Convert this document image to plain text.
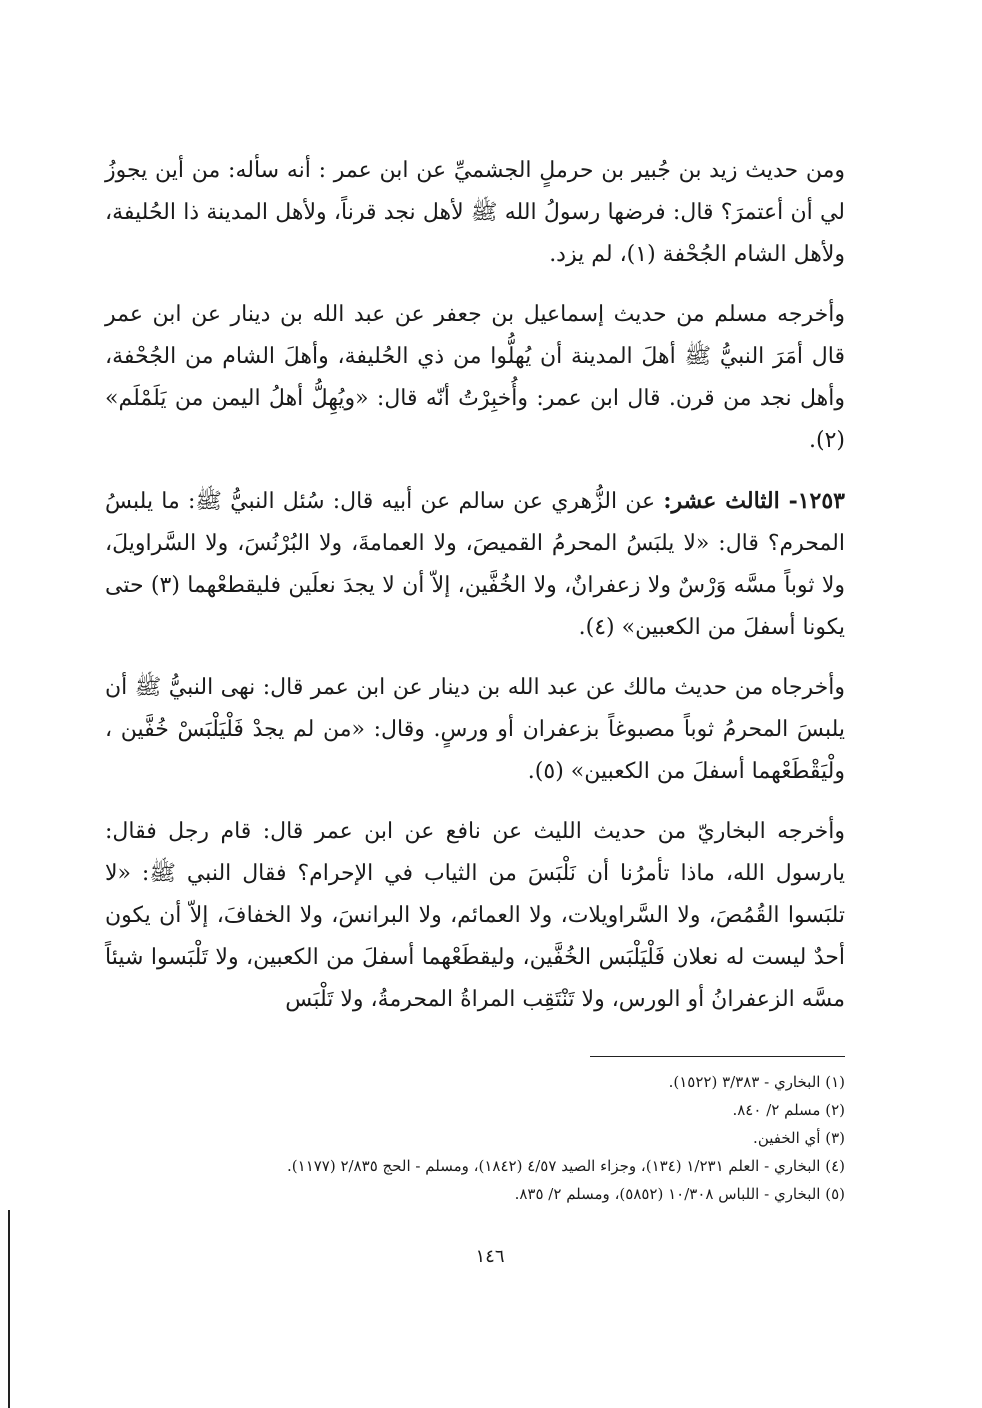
ومن حديث زيد بن جُبير بن حرملٍ الجشميِّ عن ابن عمر : أنه سأله: من أين يجوزُ لي أن أعتمرَ؟ قال: فرضها رسولُ الله ﷺ لأهل نجد قرناً، ولأهل المدينة ذا الحُليفة، ولأهل الشام الجُحْفة (١)، لم يزد.

وأخرجه مسلم من حديث إسماعيل بن جعفر عن عبد الله بن دينار عن ابن عمر قال أمَرَ النبيُّ ﷺ أهلَ المدينة أن يُهلُّوا من ذي الحُليفة، وأهلَ الشام من الجُحْفة، وأهل نجد من قرن. قال ابن عمر: وأُخبِرْتُ أنّه قال: «ويُهِلُّ أهلُ اليمن من يَلَمْلَم» (٢).

١٢٥٣- الثالث عشر: عن الزُّهري عن سالم عن أبيه قال: سُئل النبيُّ ﷺ: ما يلبسُ المحرم؟ قال: «لا يلبَسُ المحرمُ القميصَ، ولا العمامةَ، ولا البُرْنُسَ، ولا السَّراويلَ، ولا ثوباً مسَّه وَرْسٌ ولا زعفرانٌ، ولا الخُفَّين، إلاّ أن لا يجدَ نعلَين فليقطعْهما (٣) حتى يكونا أسفلَ من الكعبين» (٤).

وأخرجاه من حديث مالك عن عبد الله بن دينار عن ابن عمر قال: نهى النبيُّ ﷺ أن يلبسَ المحرمُ ثوباً مصبوغاً بزعفران أو ورسٍ. وقال: «من لم يجدْ فَلْيَلْبَسْ خُفَّين ، ولْيَقْطَعْهما أسفلَ من الكعبين» (٥).

وأخرجه البخاريّ من حديث الليث عن نافع عن ابن عمر قال: قام رجل فقال: يارسول الله، ماذا تأمرُنا أن نَلْبَسَ من الثياب في الإحرام؟ فقال النبي ﷺ: «لا تلبَسوا القُمُصَ، ولا السَّراويلات، ولا العمائم، ولا البرانسَ، ولا الخفافَ، إلاّ أن يكون أحدٌ ليست له نعلان فَلْيَلْبَس الخُفَّين، وليقطَعْهما أسفلَ من الكعبين، ولا تَلْبَسوا شيئاً مسَّه الزعفرانُ أو الورس، ولا تَنْتَقِب المراةُ المحرمةُ، ولا تَلْبَس

(١) البخاري - ٣/٣٨٣ (١٥٢٢).

(٢) مسلم ٢/ ٨٤٠.

(٣) أي الخفين.

(٤) البخاري - العلم ١/٢٣١ (١٣٤)، وجزاء الصيد ٤/٥٧ (١٨٤٢)، ومسلم - الحج ٢/٨٣٥ (١١٧٧).

(٥) البخاري - اللباس ١٠/٣٠٨ (٥٨٥٢)، ومسلم ٢/ ٨٣٥.

١٤٦
